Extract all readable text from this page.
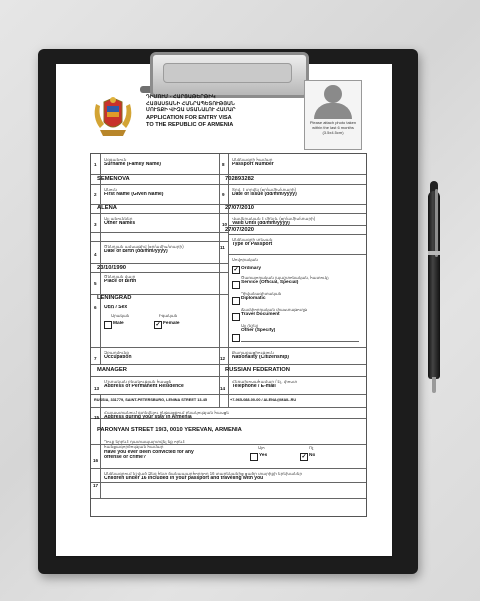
ԴԻՄՈՒՄ - ՀԱՐՑԱԹԵՐԹԻԿ
ՀԱՅԱՍՏԱՆԻ ՀԱՆՐԱՊԵՏՈՒԹՅԱՆ
ՄՈՒՏՔԻ ՎԻԶԱ ՍՏԱՆԱԼՈՒ ՀԱՄԱՐ
APPLICATION FOR ENTRY VISA
TO THE REPUBLIC OF ARMENIA	Please attach photo taken within the last 6 months (3.5x4.5cm)
1
Ազգանուն
Surname (Family Name)
SEMENOVA
8
Անձնագրի համար
Passport Number
702893282
2
Անուն
First Name (Given Name)
ALENA
9
Տրվ. է տրվել (օր/ամիս/տարի)
Date of Issue (dd/mm/yyyy)
27/07/2010
3
Այլ անուններ
Other Names	10
Վավերական է մինչև (օր/ամիս/տարի)
Valid Until (dd/mm/yyyy)
27/07/2020
4
Ծննդյան ամսաթիվ (օր/ամիս/տարի)
Date of Birth (dd/mm/yyyy)
23/10/1990
11
Անձնագրի տեսակ
Type of Passport
Սովորական
✓ Ordinary
Ծառայողական (պաշտոնական, հատուկ)
Service (Official, Special)
Դիվանագիտական
Diplomatic
Ճամփորդական փաստաթուղթ
Travel Document
Այլ (նշել)
Other (Specify)
5
Ծննդյան վայր
Place of Birth
LENINGRAD
6 Սեռ / Sex
Արական
Male
Իգական
✓ Female
7
Զբաղմունք
Occupation
MANAGER
12
Քաղաքացիություն
Nationality (Citizenship)
RUSSIAN FEDERATION
13
Մշտական բնակության հասցե
Address of Permanent Residence
RUSSIA, 331779, SAINT-PETERSBURG, LENINA STREET 13-45
14
Հեռախոսահամար / Էլ. փոստ
Telephone / E-mail
+7-965-088-00-00 / ALENA@MAIL.RU
15
Հայաստանում գտնվելու ընթացքում բնակության հասցե
Address during your stay in Armenia
PARONYAN STREET 19/3, 0010 YEREVAN, ARMENIA
16
Դուք երբևէ դատապարտվել եք որևէ
հանցագործության համար
Have you ever been convicted for any
offense or crime?
Այո
Yes
Ոչ
✓ No
17
Անձնագրում նշված Ձեզ հետ ճանապարհորդող 16 տարեկանից ցածր տարիքի երեխաներ
Children under 16 included in your passport and traveling with you
